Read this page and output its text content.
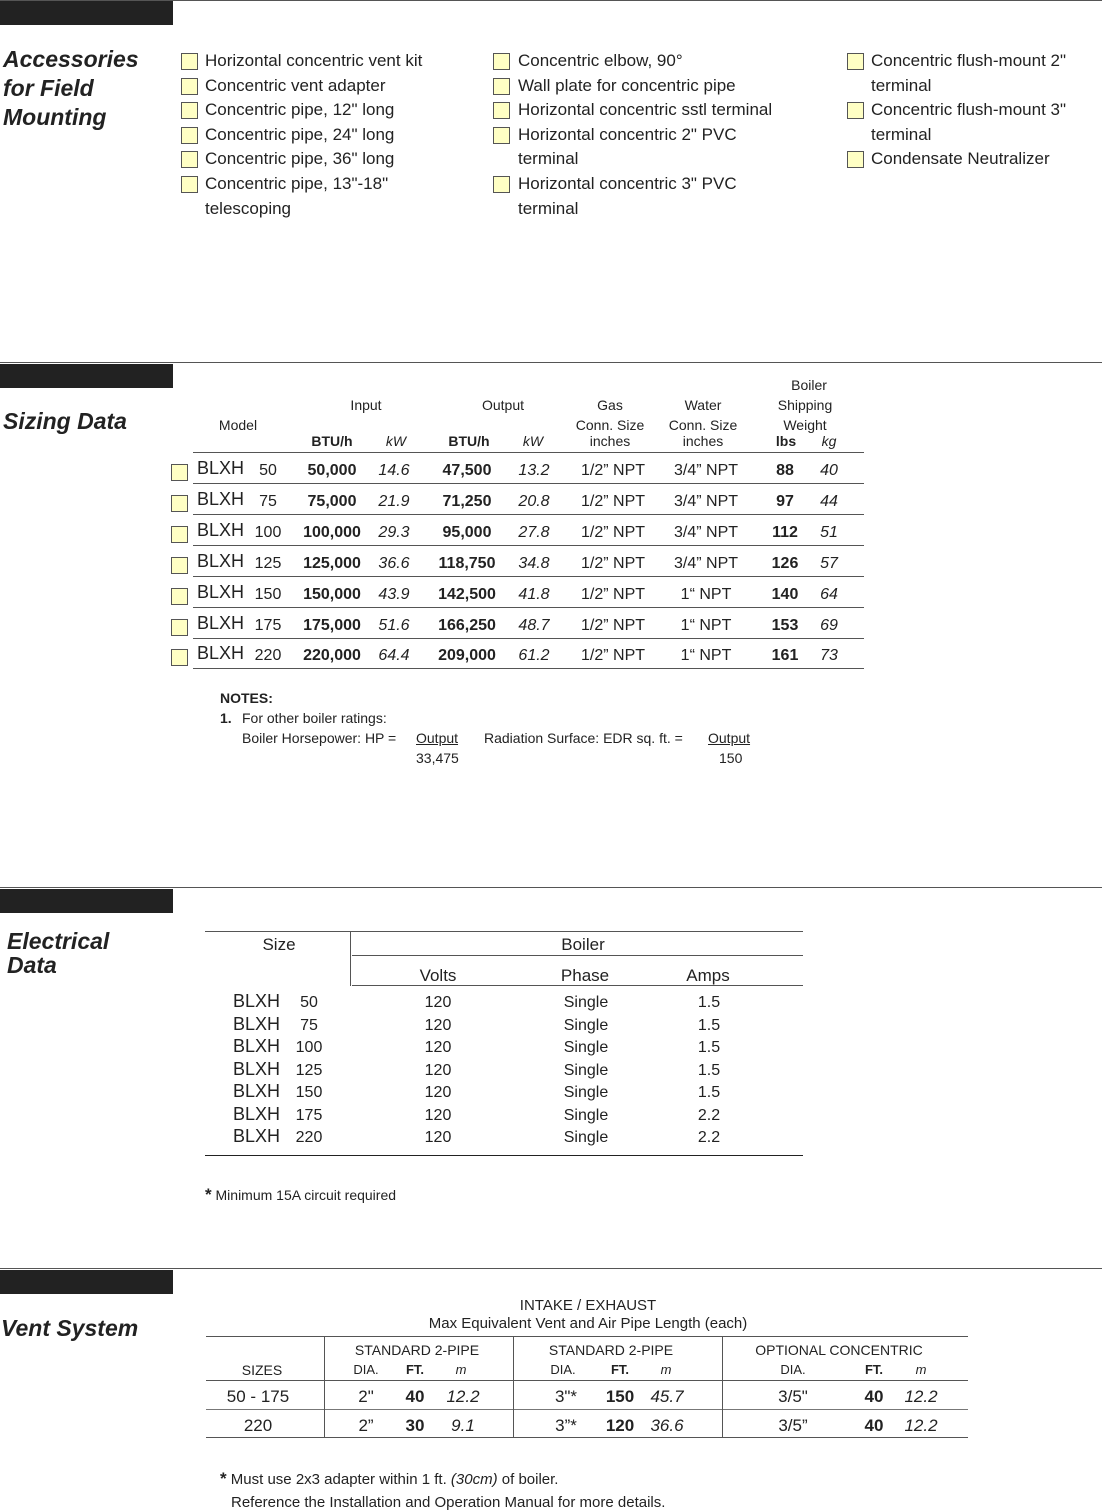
Accessories
for Field
Mounting
Horizontal concentric vent kit
Concentric vent adapter
Concentric pipe, 12" long
Concentric pipe, 24" long
Concentric pipe, 36" long
Concentric pipe, 13"-18"
telescoping
Concentric elbow, 90°
Wall plate for concentric pipe
Horizontal concentric sstl terminal
Horizontal concentric 2" PVC
terminal
Horizontal concentric 3" PVC
terminal
Concentric flush-mount 2"
terminal
Concentric flush-mount 3"
terminal
Condensate Neutralizer
Sizing Data
Boiler
Input	Output	Gas	Water	Shipping
Model	Conn. Size Conn. Size	Weight
BTU/h kW	BTU/h kW	inches	inches	lbs kg
BLXH 50 50,000 14.6 47,500 13.2 1/2” NPT 3/4” NPT 88 40
BLXH 75 75,000 21.9 71,250 20.8 1/2” NPT 3/4” NPT 97 44
BLXH 100 100,000 29.3 95,000 27.8 1/2” NPT 3/4” NPT 112 51
BLXH 125 125,000 36.6 118,750 34.8 1/2” NPT 3/4” NPT 126 57
BLXH 150 150,000 43.9 142,500 41.8 1/2” NPT 1“ NPT	140 64
BLXH 175 175,000 51.6 166,250 48.7 1/2” NPT 1“ NPT	153 69
BLXH 220 220,000 64.4 209,000 61.2 1/2” NPT 1“ NPT	161 73
NOTES:
1. For other boiler ratings:
Boiler Horsepower: HP = Output
33,475
Radiation Surface: EDR sq. ft. = Output
150
Electrical
Data
Size	Boiler
Volts	Phase	Amps
BLXH 50	120	Single	1.5
BLXH 75	120	Single	1.5
BLXH 100	120	Single	1.5
BLXH 125	120	Single	1.5
BLXH 150	120	Single	1.5
BLXH 175	120	Single	2.2
BLXH 220	120	Single	2.2
* Minimum 15A circuit required
Vent System
INTAKE / EXHAUST
Max Equivalent Vent and Air Pipe Length (each)
STANDARD 2-PIPE	STANDARD 2-PIPE	OPTIONAL CONCENTRIC
SIZES	DIA. FT. m	DIA.	FT. m	DIA.	FT.	m
50 - 175	2" 40 12.2	3"* 150 45.7	3/5"	40 12.2
220	2” 30 9.1	3”* 120 36.6	3/5”	40 12.2
* Must use 2x3 adapter within 1 ft. (30cm) of boiler.
Reference the Installation and Operation Manual for more details.
